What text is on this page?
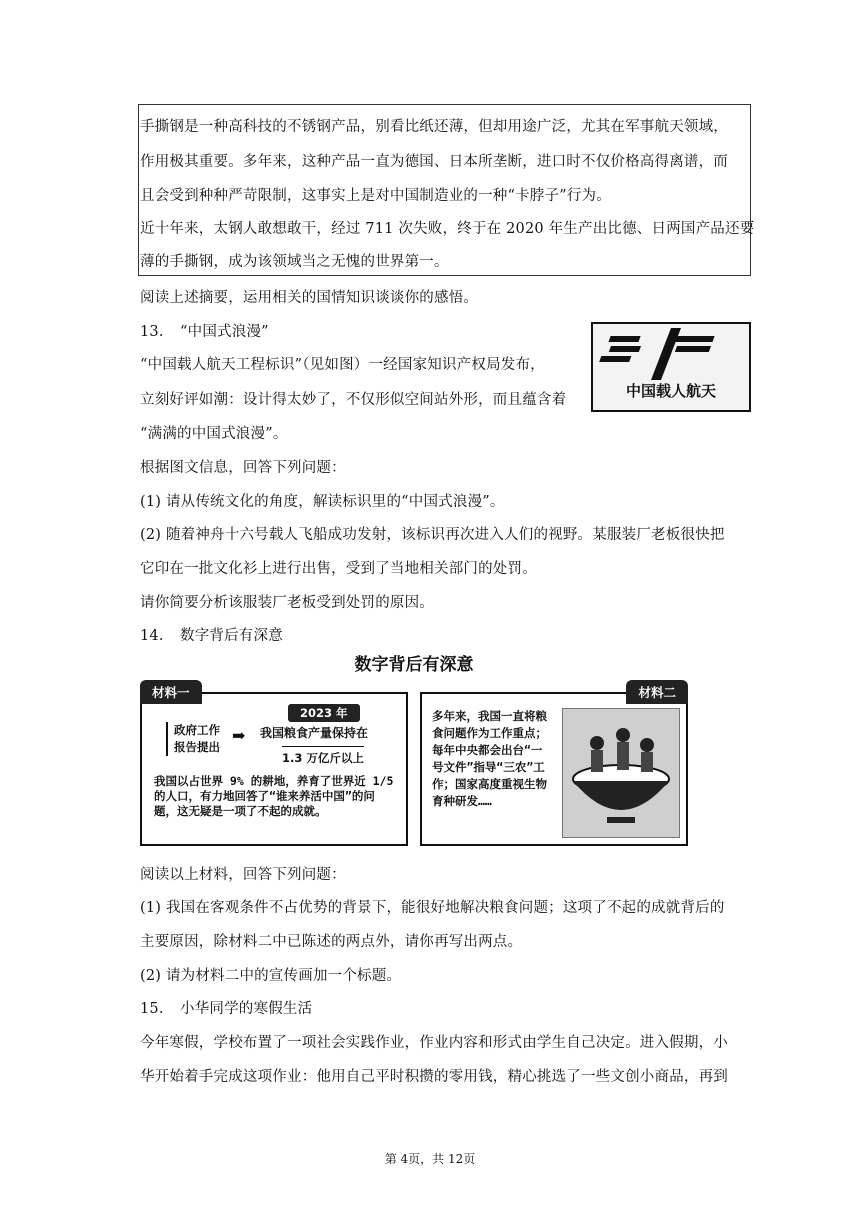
手撕钢是一种高科技的不锈钢产品，别看比纸还薄，但却用途广泛，尤其在军事航天领域，
作用极其重要。多年来，这种产品一直为德国、日本所垄断，进口时不仅价格高得离谱，而
且会受到种种严苛限制，这事实上是对中国制造业的一种“卡脖子”行为。
近十年来，太钢人敢想敢干，经过 711 次失败，终于在 2020 年生产出比德、日两国产品还要
薄的手撕钢，成为该领域当之无愧的世界第一。
阅读上述摘要，运用相关的国情知识谈谈你的感悟。
13. “中国式浪漫”
“中国载人航天工程标识”（见如图）一经国家知识产权局发布，
立刻好评如潮：设计得太妙了，不仅形似空间站外形，而且蕴含着
“满满的中国式浪漫”。
根据图文信息，回答下列问题：
(1) 请从传统文化的角度，解读标识里的“中国式浪漫”。
(2) 随着神舟十六号载人飞船成功发射，该标识再次进入人们的视野。某服装厂老板很快把
它印在一批文化衫上进行出售，受到了当地相关部门的处罚。
请你简要分析该服装厂老板受到处罚的原因。
中国载人航天
14. 数字背后有深意
数字背后有深意
材料一
政府工作
报告提出
➡
2023 年
我国粮食产量保持在
1.3 万亿斤以上
我国以占世界 9% 的耕地，养育了世界近 1/5 的人口，有力地回答了“谁来养活中国”的问题，这无疑是一项了不起的成就。
材料二
多年来，我国一直将粮食问题作为工作重点；每年中央都会出台“一号文件”指导“三农”工作；国家高度重视生物育种研发……
阅读以上材料，回答下列问题：
(1) 我国在客观条件不占优势的背景下，能很好地解决粮食问题；这项了不起的成就背后的
主要原因，除材料二中已陈述的两点外，请你再写出两点。
(2) 请为材料二中的宣传画加一个标题。
15. 小华同学的寒假生活
今年寒假，学校布置了一项社会实践作业，作业内容和形式由学生自己决定。进入假期，小
华开始着手完成这项作业：他用自己平时积攒的零用钱，精心挑选了一些文创小商品，再到
第 4页，共 12页
